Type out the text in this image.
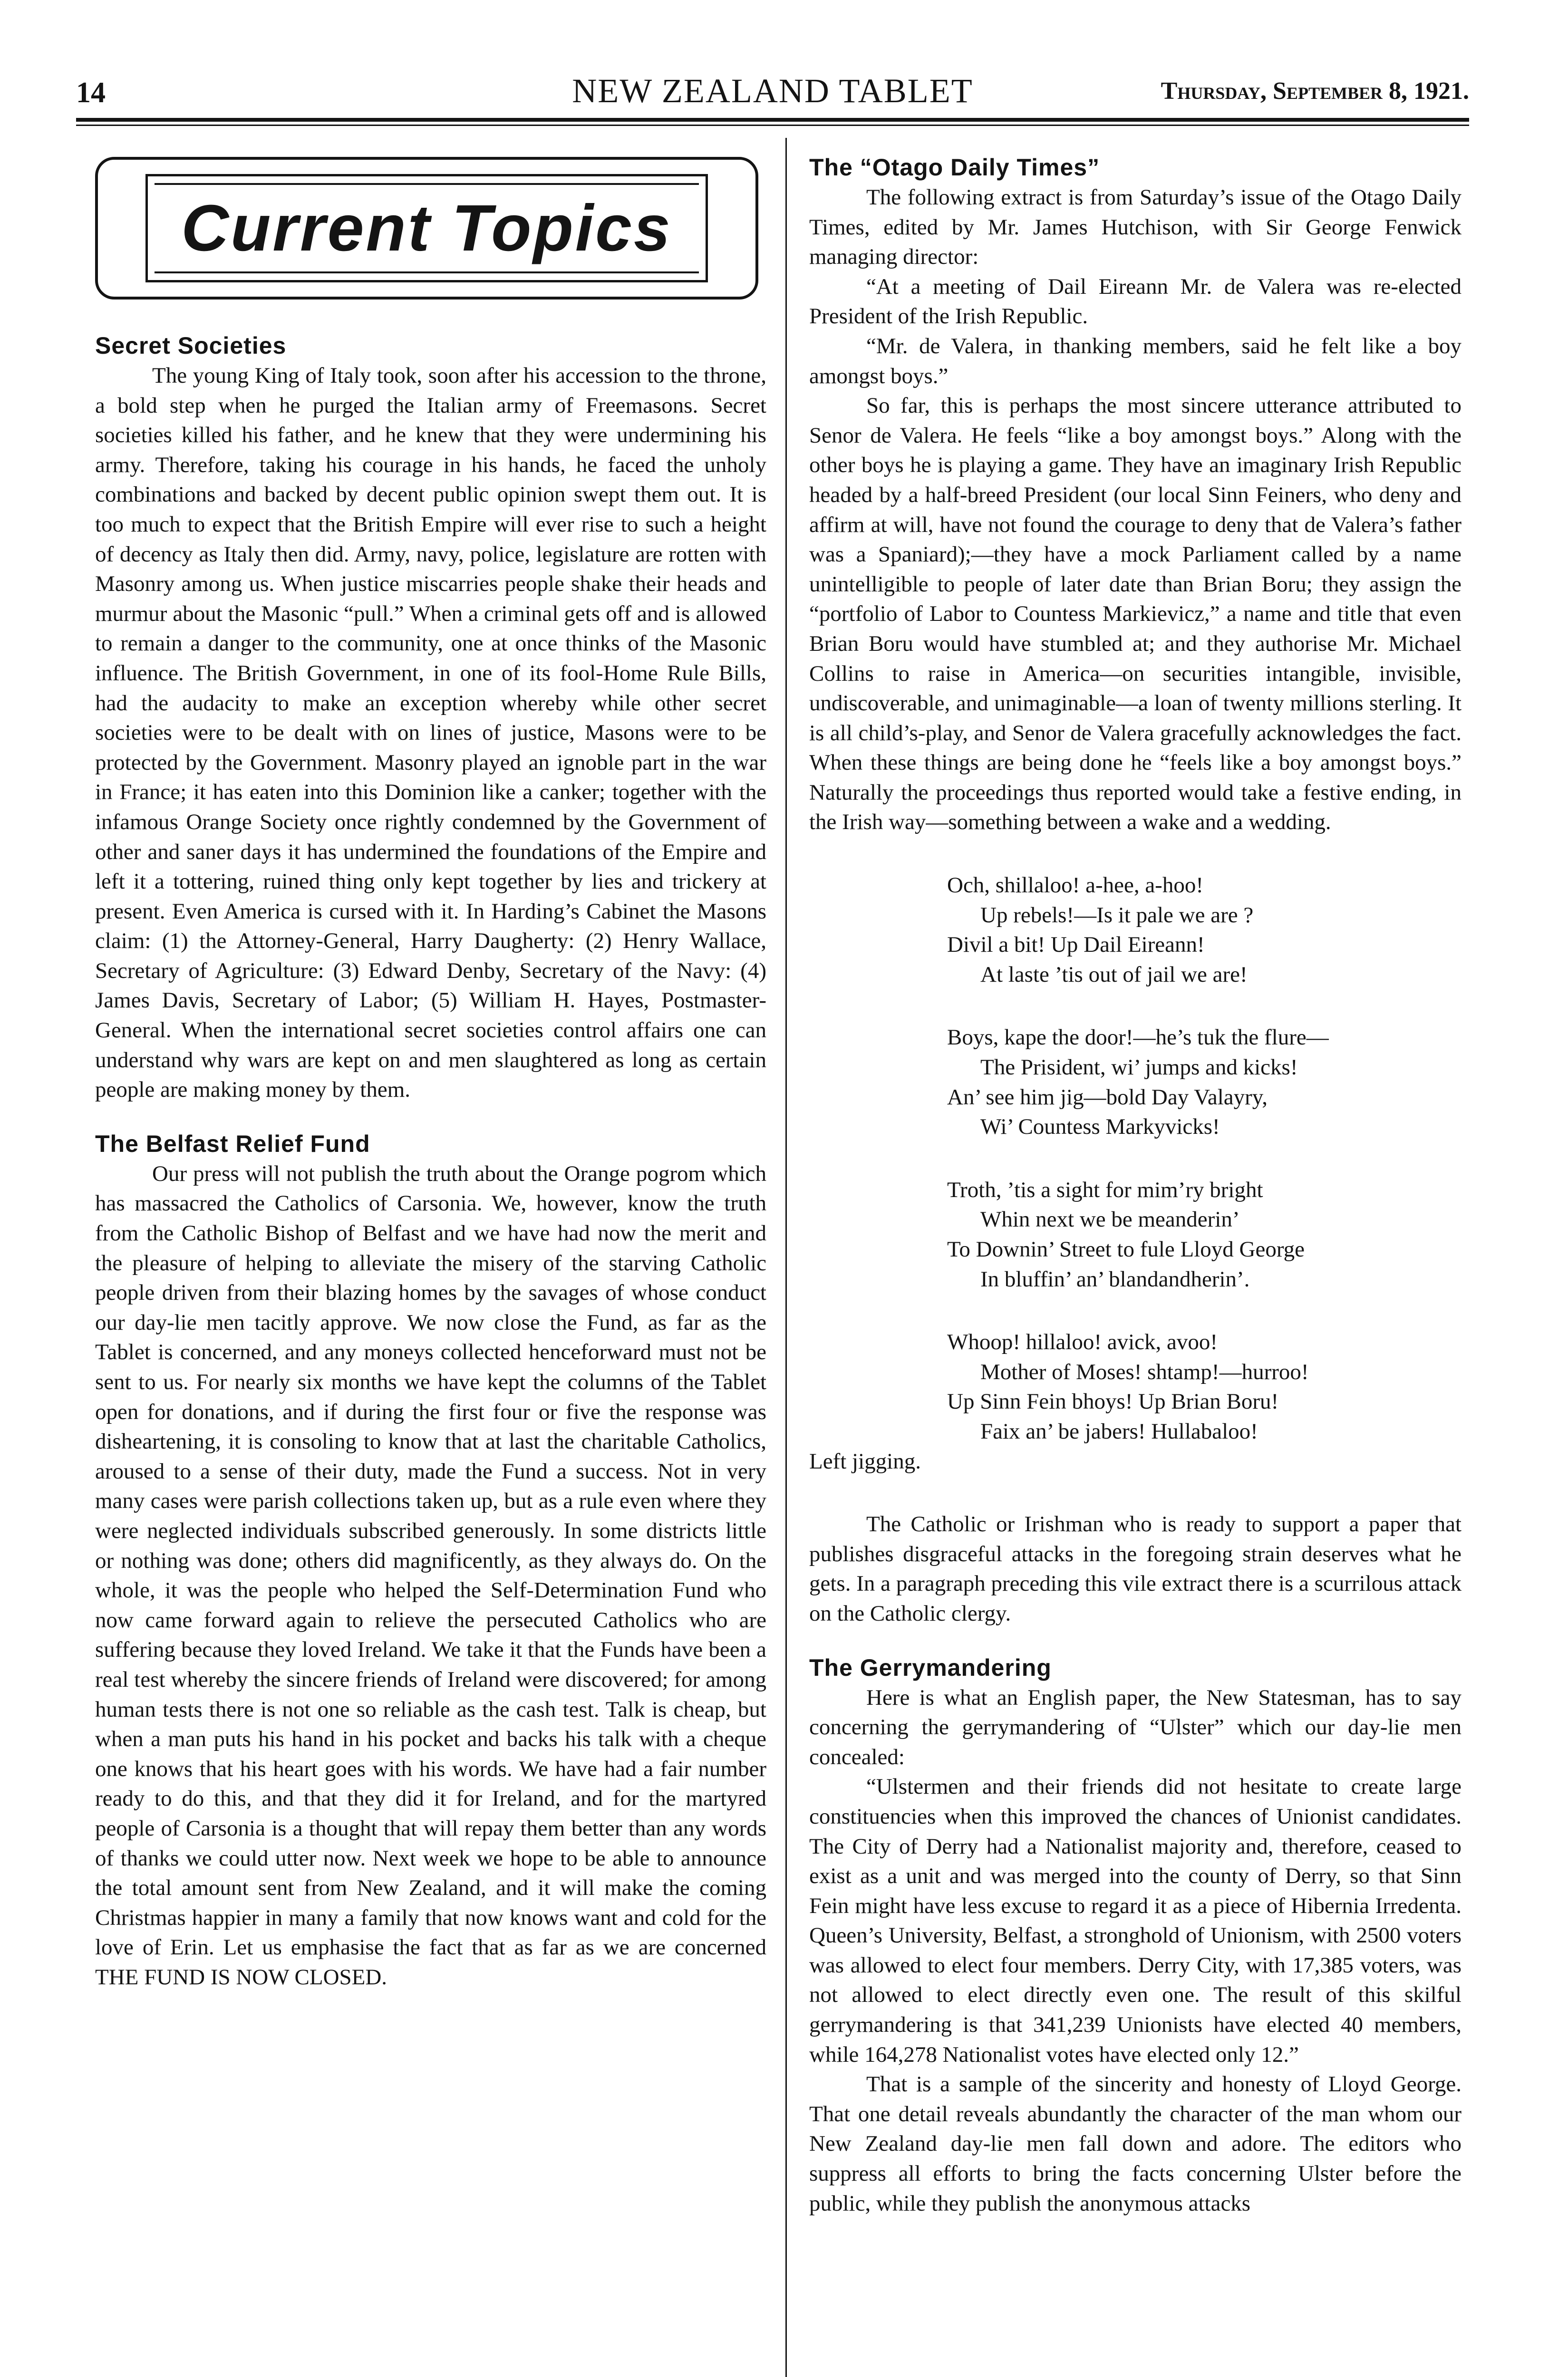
14	NEW ZEALAND TABLET	Thursday, September 8, 1921.
Current Topics
Secret Societies

The young King of Italy took, soon after his accession to the throne, a bold step when he purged the Italian army of Freemasons. Secret societies killed his father, and he knew that they were undermining his army. Therefore, taking his courage in his hands, he faced the unholy combinations and backed by decent public opinion swept them out. It is too much to expect that the British Empire will ever rise to such a height of decency as Italy then did. Army, navy, police, legislature are rotten with Masonry among us. When justice miscarries people shake their heads and murmur about the Masonic “pull.” When a criminal gets off and is allowed to remain a danger to the community, one at once thinks of the Masonic influence. The British Government, in one of its fool-Home Rule Bills, had the audacity to make an exception whereby while other secret societies were to be dealt with on lines of justice, Masons were to be protected by the Government. Masonry played an ignoble part in the war in France; it has eaten into this Dominion like a canker; together with the infamous Orange Society once rightly condemned by the Government of other and saner days it has undermined the foundations of the Empire and left it a tottering, ruined thing only kept together by lies and trickery at present. Even America is cursed with it. In Harding’s Cabinet the Masons claim: (1) the Attorney-General, Harry Daugherty: (2) Henry Wallace, Secretary of Agriculture: (3) Edward Denby, Secretary of the Navy: (4) James Davis, Secretary of Labor; (5) William H. Hayes, Postmaster-General. When the international secret societies control affairs one can understand why wars are kept on and men slaughtered as long as certain people are making money by them.

The Belfast Relief Fund

Our press will not publish the truth about the Orange pogrom which has massacred the Catholics of Carsonia. We, however, know the truth from the Catholic Bishop of Belfast and we have had now the merit and the pleasure of helping to alleviate the misery of the starving Catholic people driven from their blazing homes by the savages of whose conduct our day-lie men tacitly approve. We now close the Fund, as far as the Tablet is concerned, and any moneys collected henceforward must not be sent to us. For nearly six months we have kept the columns of the Tablet open for donations, and if during the first four or five the response was disheartening, it is consoling to know that at last the charitable Catholics, aroused to a sense of their duty, made the Fund a success. Not in very many cases were parish collections taken up, but as a rule even where they were neglected individuals subscribed generously. In some districts little or nothing was done; others did magnificently, as they always do. On the whole, it was the people who helped the Self-Determination Fund who now came forward again to relieve the persecuted Catholics who are suffering because they loved Ireland. We take it that the Funds have been a real test whereby the sincere friends of Ireland were discovered; for among human tests there is not one so reliable as the cash test. Talk is cheap, but when a man puts his hand in his pocket and backs his talk with a cheque one knows that his heart goes with his words. We have had a fair number ready to do this, and that they did it for Ireland, and for the martyred people of Carsonia is a thought that will repay them better than any words of thanks we could utter now. Next week we hope to be able to announce the total amount sent from New Zealand, and it will make the coming Christmas happier in many a family that now knows want and cold for the love of Erin. Let us emphasise the fact that as far as we are concerned THE FUND IS NOW CLOSED.

The “Otago Daily Times”

The following extract is from Saturday’s issue of the Otago Daily Times, edited by Mr. James Hutchison, with Sir George Fenwick managing director:

“At a meeting of Dail Eireann Mr. de Valera was re-elected President of the Irish Republic.

“Mr. de Valera, in thanking members, said he felt like a boy amongst boys.”

So far, this is perhaps the most sincere utterance attributed to Senor de Valera. He feels “like a boy amongst boys.” Along with the other boys he is playing a game. They have an imaginary Irish Republic headed by a half-breed President (our local Sinn Feiners, who deny and affirm at will, have not found the courage to deny that de Valera’s father was a Spaniard);—they have a mock Parliament called by a name unintelligible to people of later date than Brian Boru; they assign the “portfolio of Labor to Countess Markievicz,” a name and title that even Brian Boru would have stumbled at; and they authorise Mr. Michael Collins to raise in America—on securities intangible, invisible, undiscoverable, and unimaginable—a loan of twenty millions sterling. It is all child’s-play, and Senor de Valera gracefully acknowledges the fact. When these things are being done he “feels like a boy amongst boys.” Naturally the proceedings thus reported would take a festive ending, in the Irish way—something between a wake and a wedding.

Och, shillaloo! a-hee, a-hoo!

Up rebels!—Is it pale we are ?

Divil a bit! Up Dail Eireann!

At laste ’tis out of jail we are!

Boys, kape the door!—he’s tuk the flure—

The Prisident, wi’ jumps and kicks!

An’ see him jig—bold Day Valayry,

Wi’ Countess Markyvicks!

Troth, ’tis a sight for mim’ry bright

Whin next we be meanderin’

To Downin’ Street to fule Lloyd George

In bluffin’ an’ blandandherin’.

Whoop! hillaloo! avick, avoo!

Mother of Moses! shtamp!—hurroo!

Up Sinn Fein bhoys! Up Brian Boru!

Faix an’ be jabers! Hullabaloo!

Left jigging.

The Catholic or Irishman who is ready to support a paper that publishes disgraceful attacks in the foregoing strain deserves what he gets. In a paragraph preceding this vile extract there is a scurrilous attack on the Catholic clergy.

The Gerrymandering

Here is what an English paper, the New Statesman, has to say concerning the gerrymandering of “Ulster” which our day-lie men concealed:

“Ulstermen and their friends did not hesitate to create large constituencies when this improved the chances of Unionist candidates. The City of Derry had a Nationalist majority and, therefore, ceased to exist as a unit and was merged into the county of Derry, so that Sinn Fein might have less excuse to regard it as a piece of Hibernia Irredenta. Queen’s University, Belfast, a stronghold of Unionism, with 2500 voters was allowed to elect four members. Derry City, with 17,385 voters, was not allowed to elect directly even one. The result of this skilful gerrymandering is that 341,239 Unionists have elected 40 members, while 164,278 Nationalist votes have elected only 12.”

That is a sample of the sincerity and honesty of Lloyd George. That one detail reveals abundantly the character of the man whom our New Zealand day-lie men fall down and adore. The editors who suppress all efforts to bring the facts concerning Ulster before the public, while they publish the anonymous attacks
